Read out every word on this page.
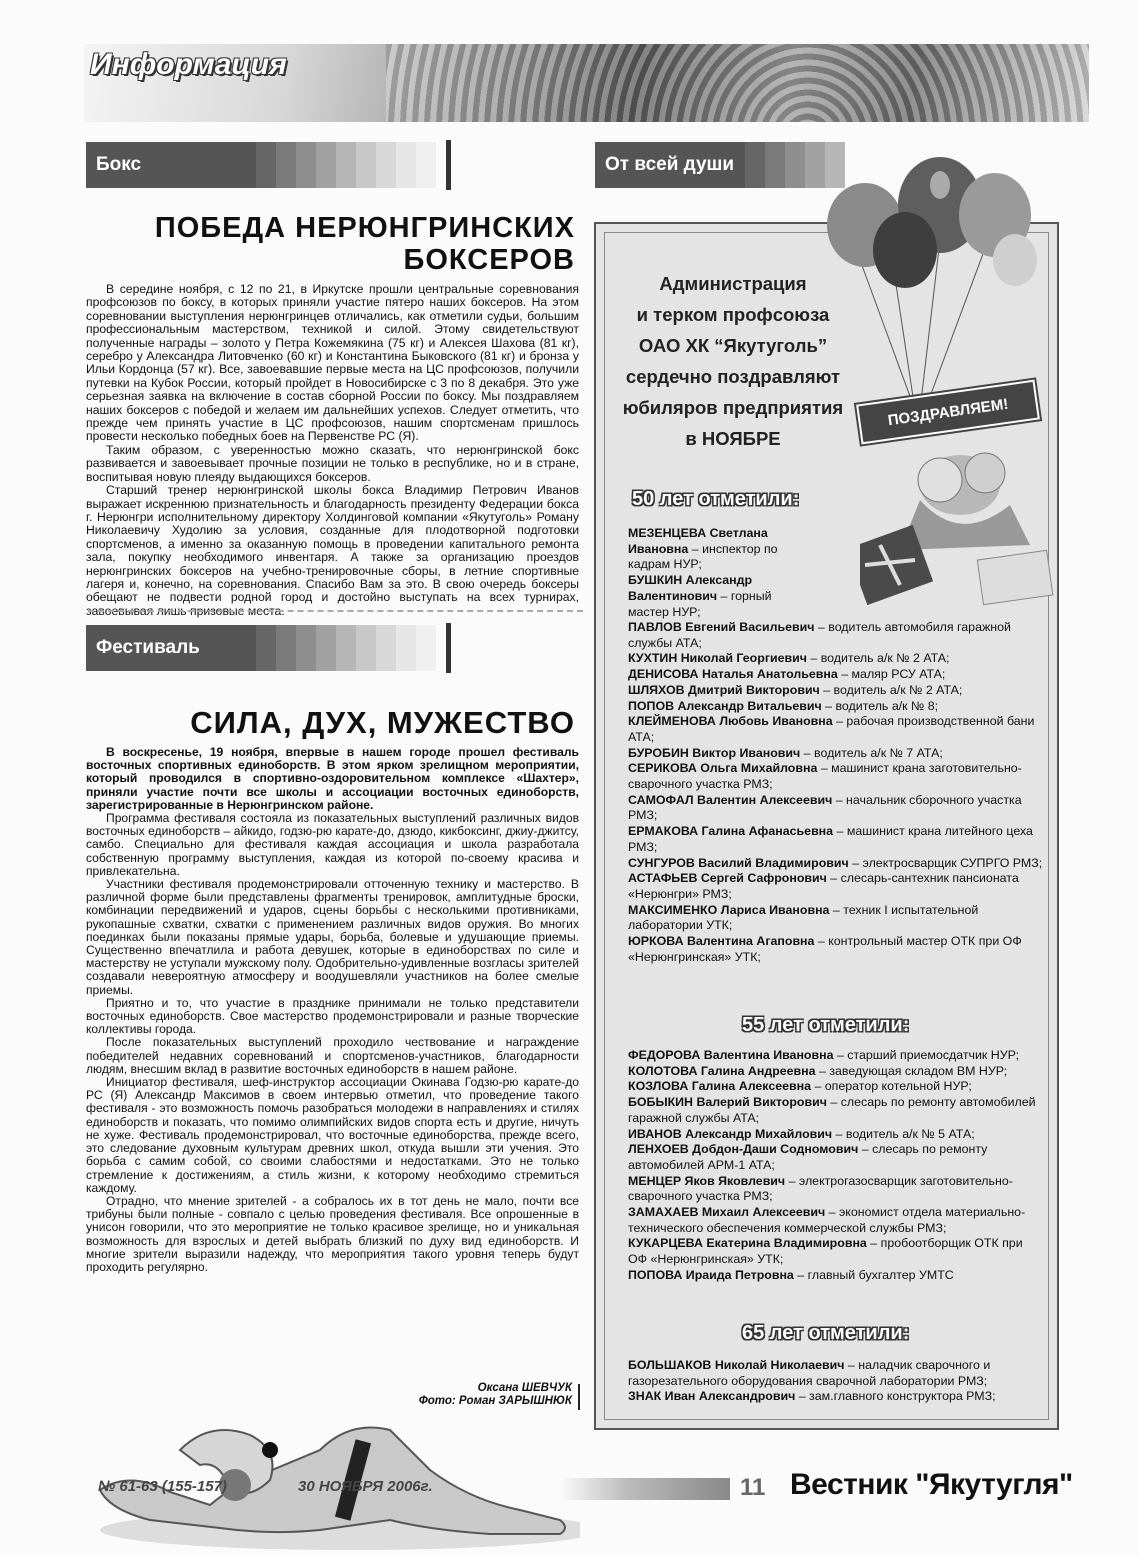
Информация
Бокс
ПОБЕДА НЕРЮНГРИНСКИХ
БОКСЕРОВ

В середине ноября, с 12 по 21, в Иркутске прошли центральные соревнования профсоюзов по боксу, в которых приняли участие пятеро наших боксеров. На этом соревновании выступления нерюнгринцев отличались, как отметили судьи, большим профессиональным мастерством, техникой и силой. Этому свидетельствуют полученные награды – золото у Петра Кожемякина (75 кг) и Алексея Шахова (81 кг), серебро у Александра Литовченко (60 кг) и Константина Быковского (81 кг) и бронза у Ильи Кордонца (57 кг). Все, завоевавшие первые места на ЦС профсоюзов, получили путевки на Кубок России, который пройдет в Новосибирске с 3 по 8 декабря. Это уже серьезная заявка на включение в состав сборной России по боксу. Мы поздравляем наших боксеров с победой и желаем им дальнейших успехов. Следует отметить, что прежде чем принять участие в ЦС профсоюзов, нашим спортсменам пришлось провести несколько победных боев на Первенстве РС (Я).

Таким образом, с уверенностью можно сказать, что нерюнгринской бокс развивается и завоевывает прочные позиции не только в республике, но и в стране, воспитывая новую плеяду выдающихся боксеров.

Старший тренер нерюнгринской школы бокса Владимир Петрович Иванов выражает искреннюю признательность и благодарность президенту Федерации бокса г. Нерюнгри исполнительному директору Холдинговой компании «Якутуголь» Роману Николаевичу Худолию за условия, созданные для плодотворной подготовки спортсменов, а именно за оказанную помощь в проведении капитального ремонта зала, покупку необходимого инвентаря. А также за организацию проездов нерюнгринских боксеров на учебно-тренировочные сборы, в летние спортивные лагеря и, конечно, на соревнования. Спасибо Вам за это. В свою очередь боксеры обещают не подвести родной город и достойно выступать на всех турнирах, завоевывая лишь призовые места.

Фестиваль
СИЛА, ДУХ, МУЖЕСТВО

В воскресенье, 19 ноября, впервые в нашем городе прошел фестиваль восточных спортивных единоборств. В этом ярком зрелищном мероприятии, который проводился в спортивно-оздоровительном комплексе «Шахтер», приняли участие почти все школы и ассоциации восточных единоборств, зарегистрированные в Нерюнгринском районе.

Программа фестиваля состояла из показательных выступлений различных видов восточных единоборств – айкидо, годзю-рю карате-до, дзюдо, кикбоксинг, джиу-джитсу, самбо. Специально для фестиваля каждая ассоциация и школа разработала собственную программу выступления, каждая из которой по-своему красива и привлекательна.

Участники фестиваля продемонстрировали отточенную технику и мастерство. В различной форме были представлены фрагменты тренировок, амплитудные броски, комбинации передвижений и ударов, сцены борьбы с несколькими противниками, рукопашные схватки, схватки с применением различных видов оружия. Во многих поединках были показаны прямые удары, борьба, болевые и удушающие приемы. Существенно впечатлила и работа девушек, которые в единоборствах по силе и мастерству не уступали мужскому полу. Одобрительно-удивленные возгласы зрителей создавали невероятную атмосферу и воодушевляли участников на более смелые приемы.

Приятно и то, что участие в празднике принимали не только представители восточных единоборств. Свое мастерство продемонстрировали и разные творческие коллективы города.

После показательных выступлений проходило чествование и награждение победителей недавних соревнований и спортсменов-участников, благодарности людям, внесшим вклад в развитие восточных единоборств в нашем районе.

Инициатор фестиваля, шеф-инструктор ассоциации Окинава Годзю-рю карате-до РС (Я) Александр Максимов в своем интервью отметил, что проведение такого фестиваля - это возможность помочь разобраться молодежи в направлениях и стилях единоборств и показать, что помимо олимпийских видов спорта есть и другие, ничуть не хуже. Фестиваль продемонстрировал, что восточные единоборства, прежде всего, это следование духовным культурам древних школ, откуда вышли эти учения. Это борьба с самим собой, со своими слабостями и недостатками. Это не только стремление к достижениям, а стиль жизни, к которому необходимо стремиться каждому.

Отрадно, что мнение зрителей - а собралось их в тот день не мало, почти все трибуны были полные - совпало с целью проведения фестиваля. Все опрошенные в унисон говорили, что это мероприятие не только красивое зрелище, но и уникальная возможность для взрослых и детей выбрать близкий по духу вид единоборств. И многие зрители выразили надежду, что мероприятия такого уровня теперь будут проходить регулярно.

Оксана ШЕВЧУК
Фото: Роман ЗАРЫШНЮК
От всей души
Администрация
и терком профсоюза
ОАО ХК “Якутуголь”
сердечно поздравляют
юбиляров предприятия
в НОЯБРЕ
ПОЗДРАВЛЯЕМ!
50 лет отметили:
МЕЗЕНЦЕВА Светлана Ивановна – инспектор по кадрам НУР;
БУШКИН Александр Валентинович – горный мастер НУР;
ПАВЛОВ Евгений Васильевич – водитель автомобиля гаражной службы АТА;
КУХТИН Николай Георгиевич – водитель а/к № 2 АТА;
ДЕНИСОВА Наталья Анатольевна – маляр РСУ АТА;
ШЛЯХОВ Дмитрий Викторович – водитель а/к № 2 АТА;
ПОПОВ Александр Витальевич – водитель а/к № 8;
КЛЕЙМЕНОВА Любовь Ивановна – рабочая производственной бани АТА;
БУРОБИН Виктор Иванович – водитель а/к № 7 АТА;
СЕРИКОВА Ольга Михайловна – машинист крана заготовительно-сварочного участка РМЗ;
САМОФАЛ Валентин Алексеевич – начальник сборочного участка РМЗ;
ЕРМАКОВА Галина Афанасьевна – машинист крана литейного цеха РМЗ;
СУНГУРОВ Василий Владимирович – электросварщик СУПРГО РМЗ;
АСТАФЬЕВ Сергей Сафронович – слесарь-сантехник пансионата «Нерюнгри» РМЗ;
МАКСИМЕНКО Лариса Ивановна – техник I испытательной лаборатории УТК;
ЮРКОВА Валентина Агаповна – контрольный мастер ОТК при ОФ «Нерюнгринская» УТК;
55 лет отметили:
ФЕДОРОВА Валентина Ивановна – старший приемосдатчик НУР;
КОЛОТОВА Галина Андреевна – заведующая складом ВМ НУР;
КОЗЛОВА Галина Алексеевна – оператор котельной НУР;
БОБЫКИН Валерий Викторович – слесарь по ремонту автомобилей гаражной службы АТА;
ИВАНОВ Александр Михайлович – водитель а/к № 5 АТА;
ЛЕНХОЕВ Добдон-Даши Содномович – слесарь по ремонту автомобилей АРМ-1 АТА;
МЕНЦЕР Яков Яковлевич – электрогазосварщик заготовительно-сварочного участка РМЗ;
ЗАМАХАЕВ Михаил Алексеевич – экономист отдела материально-технического обеспечения коммерческой службы РМЗ;
КУКАРЦЕВА Екатерина Владимировна – пробоотборщик ОТК при ОФ «Нерюнгринская» УТК;
ПОПОВА Ираида Петровна – главный бухгалтер УМТС
65 лет отметили:
БОЛЬШАКОВ Николай Николаевич – наладчик сварочного и газорезательного оборудования сварочной лаборатории РМЗ;
ЗНАК Иван Александрович – зам.главного конструктора РМЗ;
№ 61-63 (155-157)	30 НОЯБРЯ 2006г.	11 Вестник "Якутугля"
